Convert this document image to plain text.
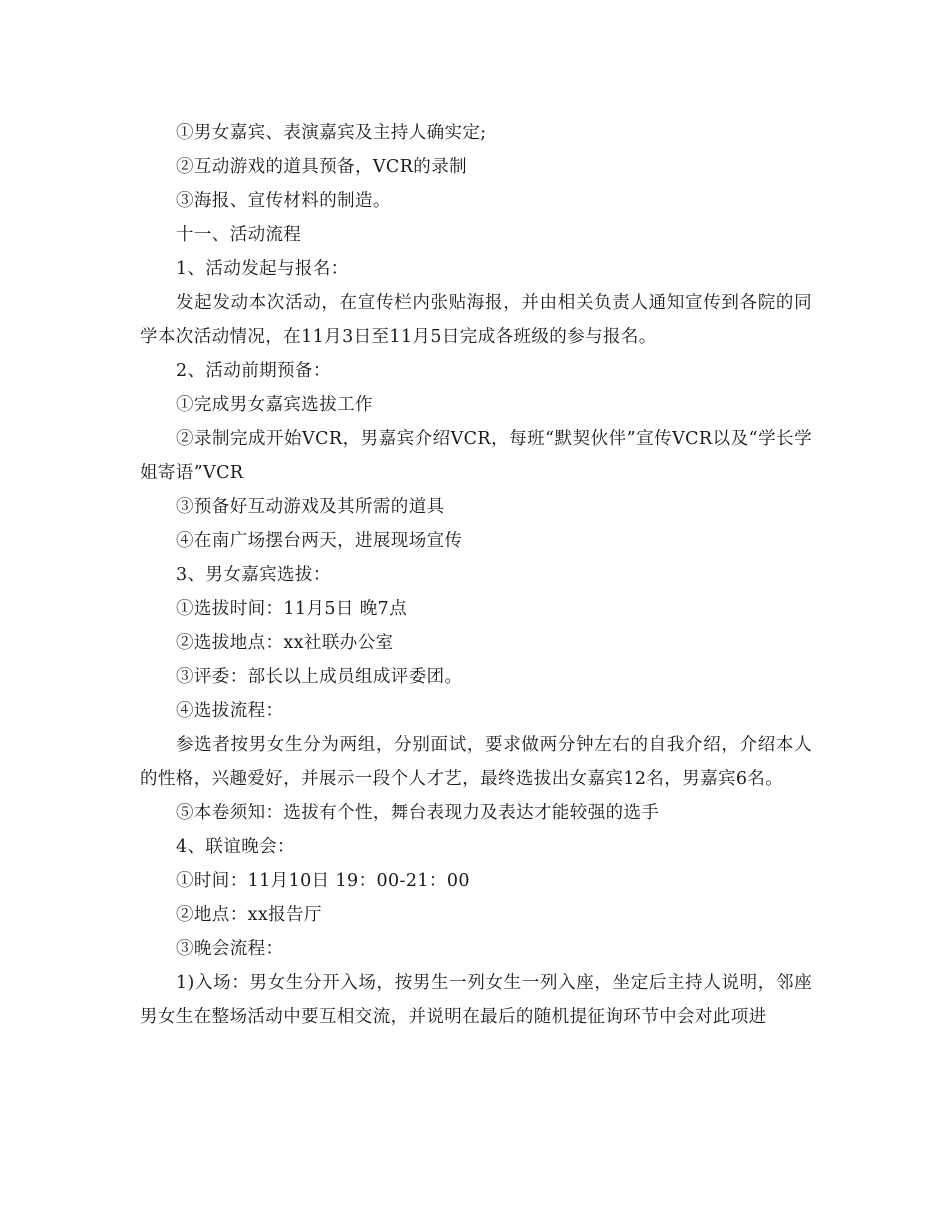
①男女嘉宾、表演嘉宾及主持人确实定;

②互动游戏的道具预备，VCR的录制

③海报、宣传材料的制造。

十一、活动流程

1、活动发起与报名：

发起发动本次活动，在宣传栏内张贴海报，并由相关负责人通知宣传到各院的同学本次活动情况，在11月3日至11月5日完成各班级的参与报名。

2、活动前期预备：

①完成男女嘉宾选拔工作

②录制完成开始VCR，男嘉宾介绍VCR，每班“默契伙伴”宣传VCR以及“学长学姐寄语”VCR

③预备好互动游戏及其所需的道具

④在南广场摆台两天，进展现场宣传

3、男女嘉宾选拔：

①选拔时间：11月5日 晚7点

②选拔地点：xx社联办公室

③评委：部长以上成员组成评委团。

④选拔流程：

参选者按男女生分为两组，分别面试，要求做两分钟左右的自我介绍，介绍本人的性格，兴趣爱好，并展示一段个人才艺，最终选拔出女嘉宾12名，男嘉宾6名。

⑤本卷须知：选拔有个性，舞台表现力及表达才能较强的选手

4、联谊晚会：

①时间：11月10日 19：00-21：00

②地点：xx报告厅

③晚会流程：

1)入场：男女生分开入场，按男生一列女生一列入座，坐定后主持人说明，邻座男女生在整场活动中要互相交流，并说明在最后的随机提征询环节中会对此项进
